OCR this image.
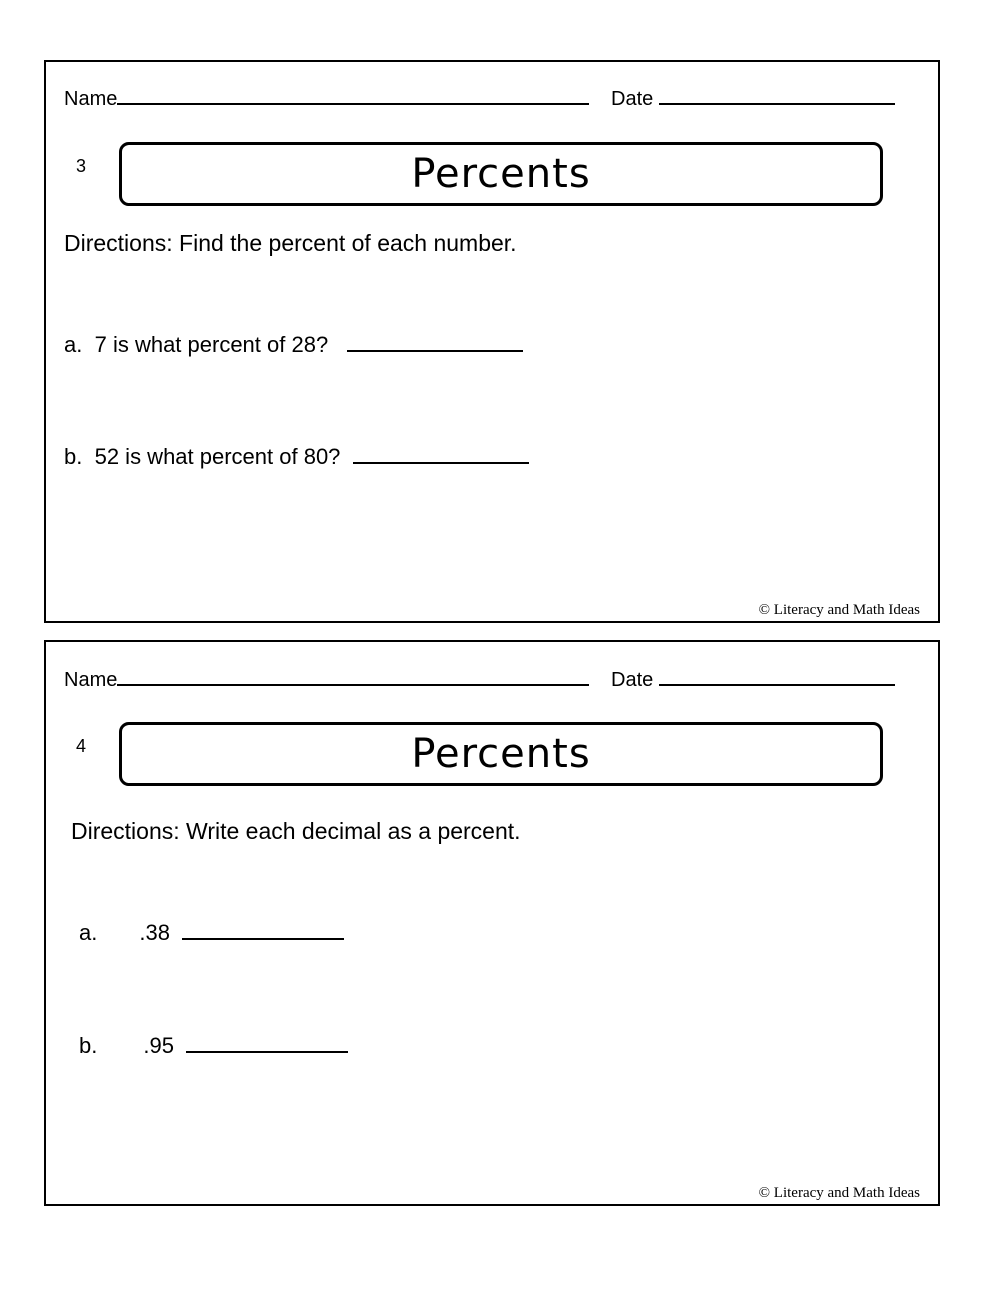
Name	Date
3	Percents
Directions: Find the percent of each number.
a. 7 is what percent of 28?
b. 52 is what percent of 80?
© Literacy and Math Ideas
Name	Date
4	Percents
Directions: Write each decimal as a percent.
a. .38
b. .95
© Literacy and Math Ideas
